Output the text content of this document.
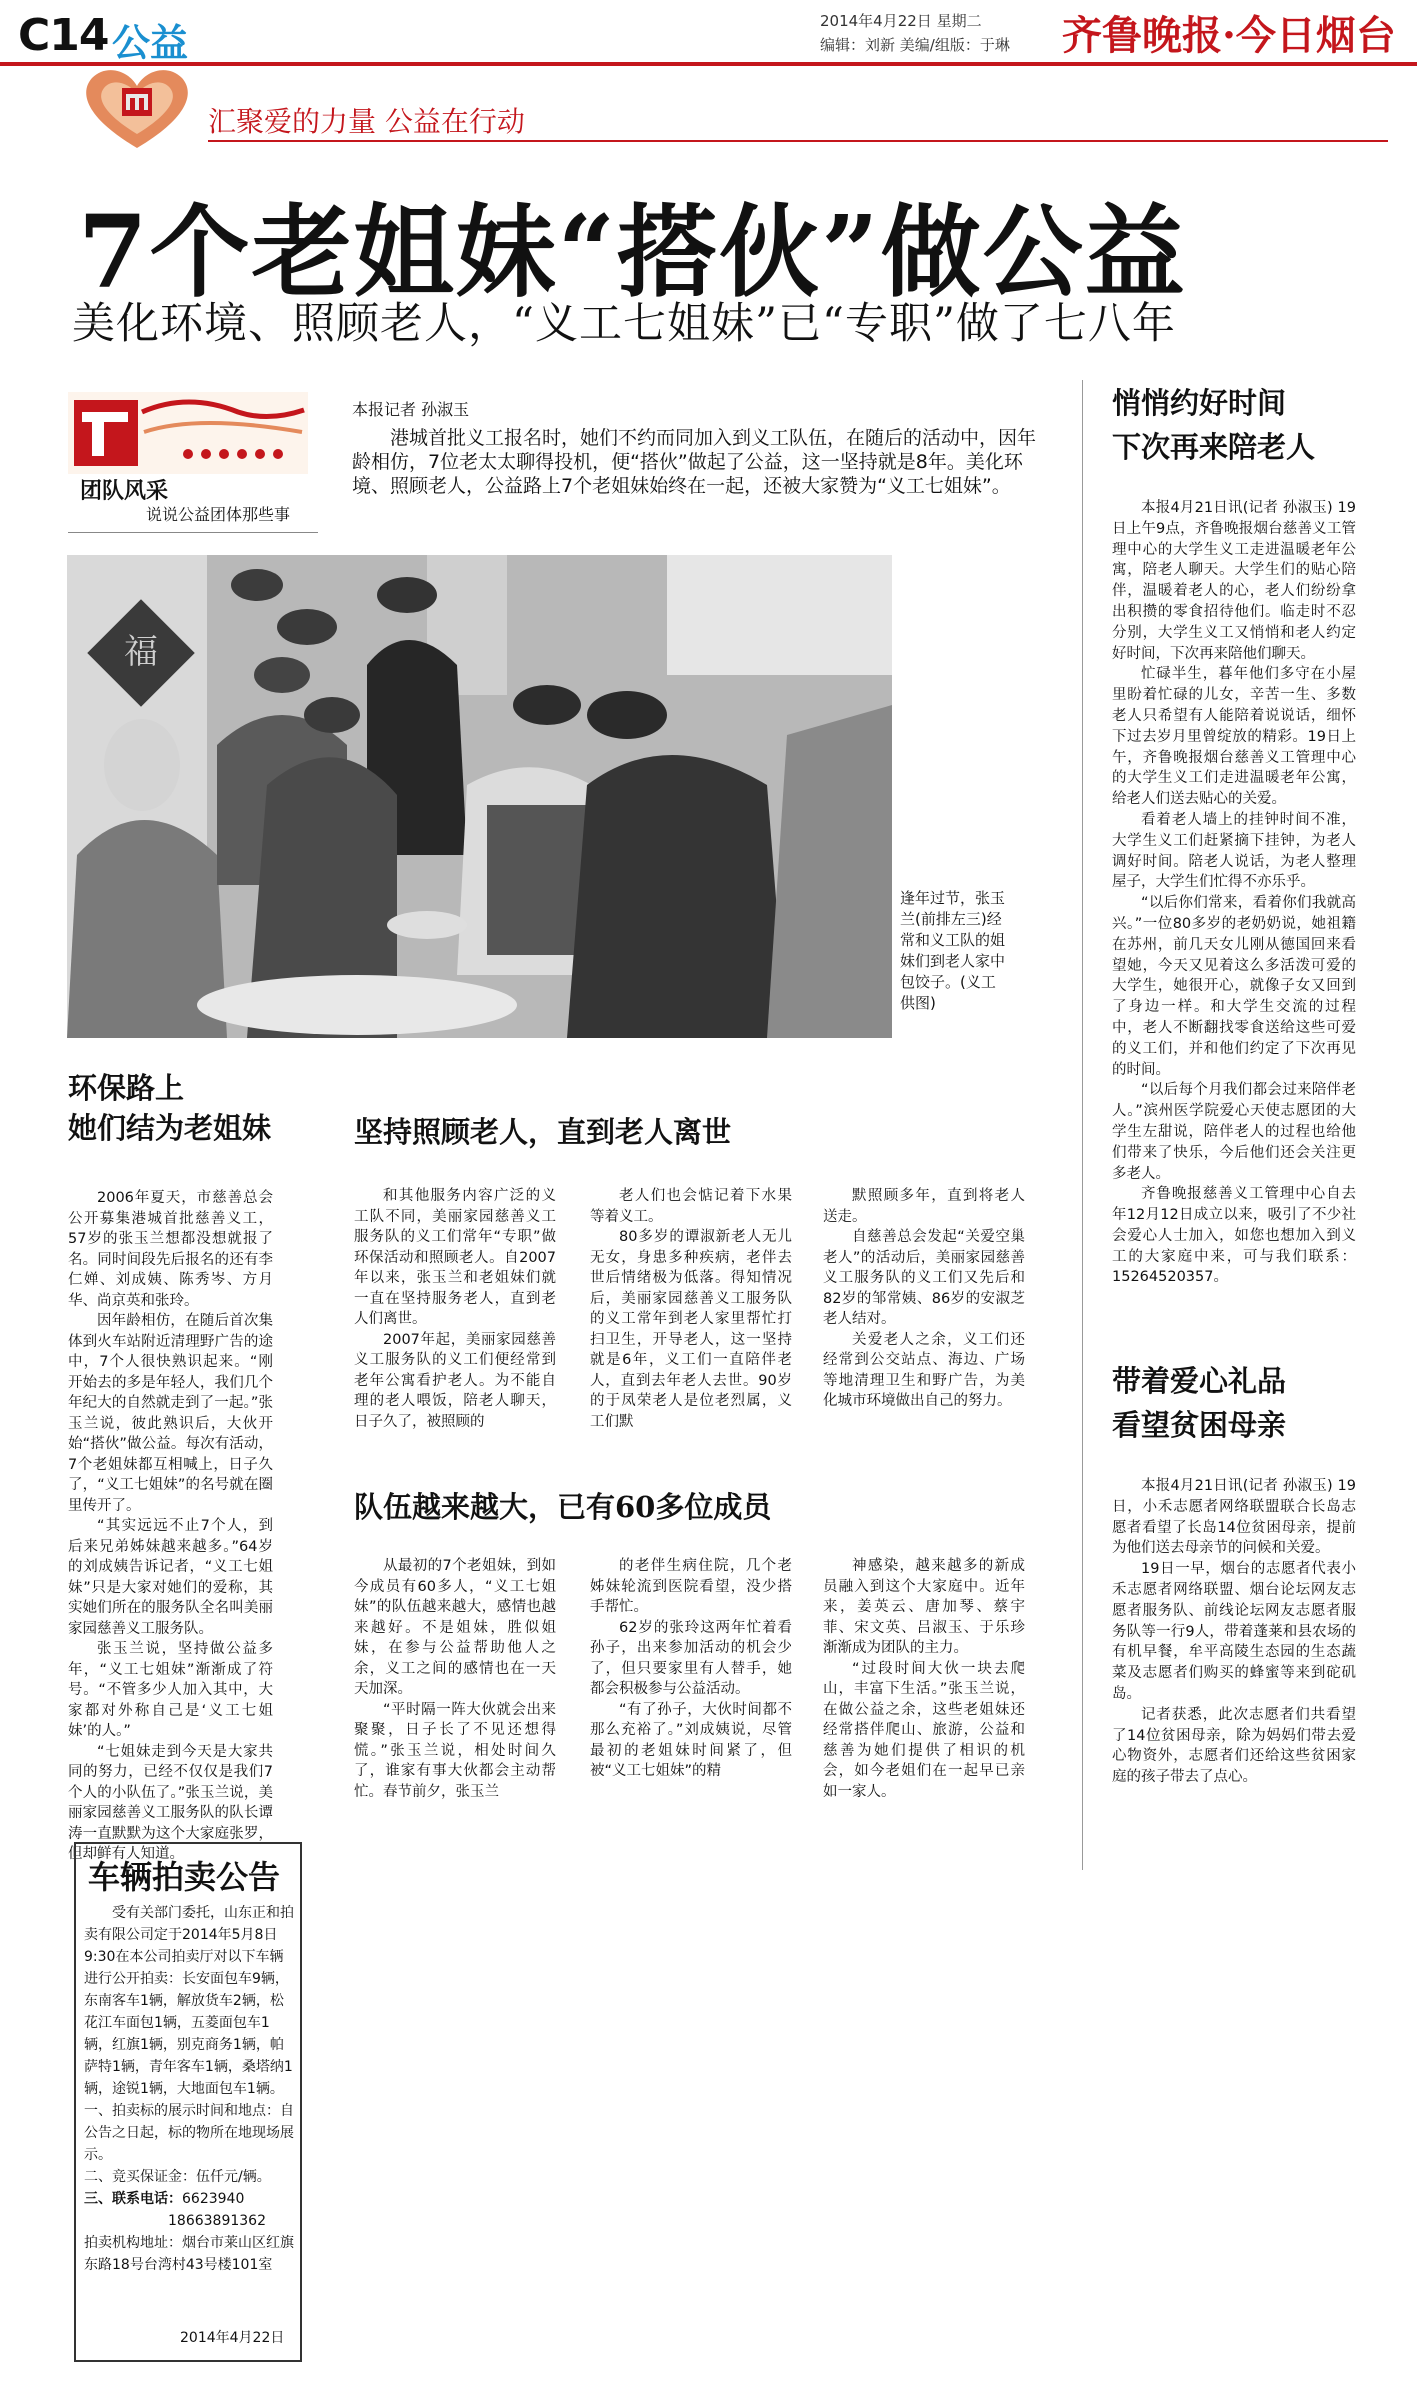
C14 公益	2014年4月22日 星期二
编辑：刘新 美编/组版：于琳 齐鲁晚报·今日烟台
汇聚爱的力量 公益在行动
7个老姐妹“搭伙”做公益
美化环境、照顾老人，“义工七姐妹”已“专职”做了七八年
团队风采
说说公益团体那些事
本报记者 孙淑玉
港城首批义工报名时，她们不约而同加入到义工队伍，在随后的活动中，因年龄相仿，7位老太太聊得投机，便“搭伙”做起了公益，这一坚持就是8年。美化环境、照顾老人，公益路上7个老姐妹始终在一起，还被大家赞为“义工七姐妹”。
福
逢年过节，张玉兰(前排左三)经常和义工队的姐妹们到老人家中包饺子。(义工供图)
环保路上
她们结为老姐妹

2006年夏天，市慈善总会公开募集港城首批慈善义工，57岁的张玉兰想都没想就报了名。同时间段先后报名的还有李仁婵、刘成姨、陈秀岑、方月华、尚京英和张玲。

因年龄相仿，在随后首次集体到火车站附近清理野广告的途中，7个人很快熟识起来。“刚开始去的多是年轻人，我们几个年纪大的自然就走到了一起。”张玉兰说，彼此熟识后，大伙开始“搭伙”做公益。每次有活动，7个老姐妹都互相喊上，日子久了，“义工七姐妹”的名号就在圈里传开了。

“其实远远不止7个人，到后来兄弟姊妹越来越多。”64岁的刘成姨告诉记者，“义工七姐妹”只是大家对她们的爱称，其实她们所在的服务队全名叫美丽家园慈善义工服务队。

张玉兰说，坚持做公益多年，“义工七姐妹”渐渐成了符号。“不管多少人加入其中，大家都对外称自己是‘义工七姐妹’的人。”

“七姐妹走到今天是大家共同的努力，已经不仅仅是我们7个人的小队伍了。”张玉兰说，美丽家园慈善义工服务队的队长谭涛一直默默为这个大家庭张罗，但却鲜有人知道。

坚持照顾老人，直到老人离世

和其他服务内容广泛的义工队不同，美丽家园慈善义工服务队的义工们常年“专职”做环保活动和照顾老人。自2007年以来，张玉兰和老姐妹们就一直在坚持服务老人，直到老人们离世。

2007年起，美丽家园慈善义工服务队的义工们便经常到老年公寓看护老人。为不能自理的老人喂饭，陪老人聊天，日子久了，被照顾的

老人们也会惦记着下水果等着义工。

80多岁的谭淑新老人无儿无女，身患多种疾病，老伴去世后情绪极为低落。得知情况后，美丽家园慈善义工服务队的义工常年到老人家里帮忙打扫卫生，开导老人，这一坚持就是6年，义工们一直陪伴老人，直到去年老人去世。90岁的于凤荣老人是位老烈属，义工们默

默照顾多年，直到将老人送走。

自慈善总会发起“关爱空巢老人”的活动后，美丽家园慈善义工服务队的义工们又先后和82岁的邹常姨、86岁的安淑芝老人结对。

关爱老人之余，义工们还经常到公交站点、海边、广场等地清理卫生和野广告，为美化城市环境做出自己的努力。

队伍越来越大，已有60多位成员

从最初的7个老姐妹，到如今成员有60多人，“义工七姐妹”的队伍越来越大，感情也越来越好。不是姐妹，胜似姐妹，在参与公益帮助他人之余，义工之间的感情也在一天天加深。

“平时隔一阵大伙就会出来聚聚，日子长了不见还想得慌。”张玉兰说，相处时间久了，谁家有事大伙都会主动帮忙。春节前夕，张玉兰

的老伴生病住院，几个老姊妹轮流到医院看望，没少搭手帮忙。

62岁的张玲这两年忙着看孙子，出来参加活动的机会少了，但只要家里有人替手，她都会积极参与公益活动。

“有了孙子，大伙时间都不那么充裕了。”刘成姨说，尽管最初的老姐妹时间紧了，但被“义工七姐妹”的精

神感染，越来越多的新成员融入到这个大家庭中。近年来，姜英云、唐加琴、蔡宇菲、宋文英、吕淑玉、于乐珍渐渐成为团队的主力。

“过段时间大伙一块去爬山，丰富下生活。”张玉兰说，在做公益之余，这些老姐妹还经常搭伴爬山、旅游，公益和慈善为她们提供了相识的机会，如今老姐们在一起早已亲如一家人。

悄悄约好时间
下次再来陪老人

本报4月21日讯(记者 孙淑玉) 19日上午9点，齐鲁晚报烟台慈善义工管理中心的大学生义工走进温暖老年公寓，陪老人聊天。大学生们的贴心陪伴，温暖着老人的心，老人们纷纷拿出积攒的零食招待他们。临走时不忍分别，大学生义工又悄悄和老人约定好时间，下次再来陪他们聊天。

忙碌半生，暮年他们多守在小屋里盼着忙碌的儿女，辛苦一生、多数老人只希望有人能陪着说说话，细怀下过去岁月里曾绽放的精彩。19日上午，齐鲁晚报烟台慈善义工管理中心的大学生义工们走进温暖老年公寓，给老人们送去贴心的关爱。

看着老人墙上的挂钟时间不准，大学生义工们赶紧摘下挂钟，为老人调好时间。陪老人说话，为老人整理屋子，大学生们忙得不亦乐乎。

“以后你们常来，看着你们我就高兴。”一位80多岁的老奶奶说，她祖籍在苏州，前几天女儿刚从德国回来看望她，今天又见着这么多活泼可爱的大学生，她很开心，就像子女又回到了身边一样。和大学生交流的过程中，老人不断翻找零食送给这些可爱的义工们，并和他们约定了下次再见的时间。

“以后每个月我们都会过来陪伴老人。”滨州医学院爱心天使志愿团的大学生左甜说，陪伴老人的过程也给他们带来了快乐，今后他们还会关注更多老人。

齐鲁晚报慈善义工管理中心自去年12月12日成立以来，吸引了不少社会爱心人士加入，如您也想加入到义工的大家庭中来，可与我们联系：15264520357。

带着爱心礼品
看望贫困母亲

本报4月21日讯(记者 孙淑玉) 19日，小禾志愿者网络联盟联合长岛志愿者看望了长岛14位贫困母亲，提前为他们送去母亲节的问候和关爱。

19日一早，烟台的志愿者代表小禾志愿者网络联盟、烟台论坛网友志愿者服务队、前线论坛网友志愿者服务队等一行9人，带着蓬莱和县农场的有机早餐，牟平高陵生态园的生态蔬菜及志愿者们购买的蜂蜜等来到砣矶岛。

记者获悉，此次志愿者们共看望了14位贫困母亲，除为妈妈们带去爱心物资外，志愿者们还给这些贫困家庭的孩子带去了点心。

车辆拍卖公告

受有关部门委托，山东正和拍卖有限公司定于2014年5月8日9:30在本公司拍卖厅对以下车辆进行公开拍卖：长安面包车9辆，东南客车1辆，解放货车2辆，松花江车面包1辆，五菱面包车1辆，红旗1辆，别克商务1辆，帕萨特1辆，青年客车1辆，桑塔纳1辆，途锐1辆，大地面包车1辆。

一、拍卖标的展示时间和地点：自公告之日起，标的物所在地现场展示。

二、竞买保证金：伍仟元/辆。

三、联系电话：6623940

18663891362

拍卖机构地址：烟台市莱山区红旗东路18号台湾村43号楼101室

2014年4月22日
